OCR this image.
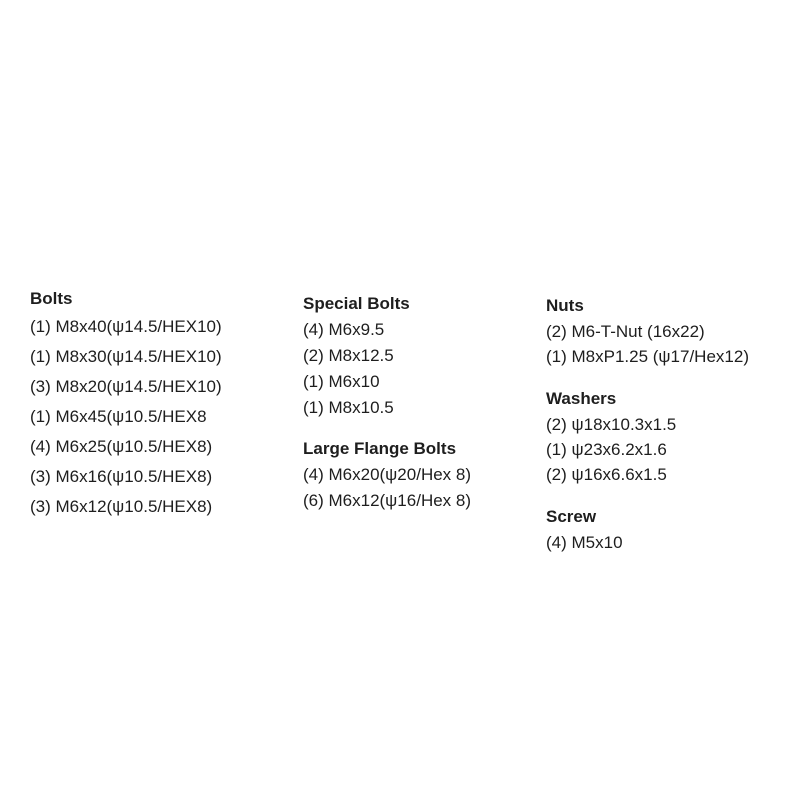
Bolts
(1) M8x40(ψ14.5/HEX10)
(1) M8x30(ψ14.5/HEX10)
(3) M8x20(ψ14.5/HEX10)
(1) M6x45(ψ10.5/HEX8
(4) M6x25(ψ10.5/HEX8)
(3) M6x16(ψ10.5/HEX8)
(3) M6x12(ψ10.5/HEX8)
Special Bolts
(4) M6x9.5
(2) M8x12.5
(1) M6x10
(1) M8x10.5
Large Flange Bolts
(4) M6x20(ψ20/Hex 8)
(6) M6x12(ψ16/Hex 8)
Nuts
(2) M6-T-Nut (16x22)
(1) M8xP1.25 (ψ17/Hex12)
Washers
(2) ψ18x10.3x1.5
(1) ψ23x6.2x1.6
(2) ψ16x6.6x1.5
Screw
(4) M5x10
